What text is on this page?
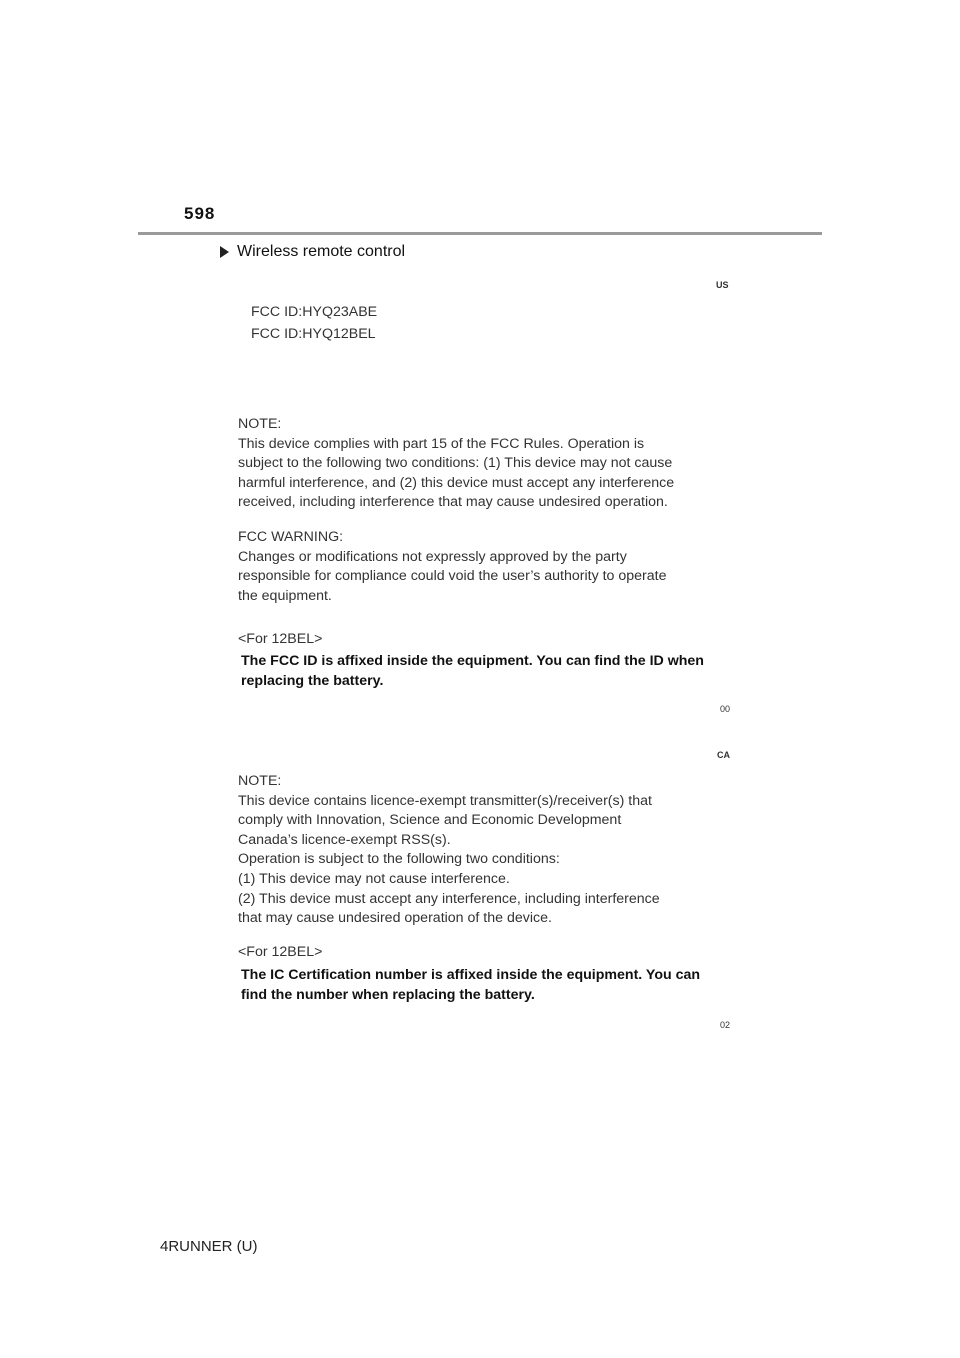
598
Wireless remote control
US
FCC ID:HYQ23ABE
FCC ID:HYQ12BEL
NOTE:
This device complies with part 15 of the FCC Rules. Operation is
subject to the following two conditions: (1) This device may not cause
harmful interference, and (2) this device must accept any interference
received, including interference that may cause undesired operation.
FCC WARNING:
Changes or modifications not expressly approved by the party
responsible for compliance could void the user’s authority to operate
the equipment.
<For 12BEL>
The FCC ID is affixed inside the equipment. You can find the ID when
replacing the battery.
00
CA
NOTE:
This device contains licence-exempt transmitter(s)/receiver(s) that
comply with Innovation, Science and Economic Development
Canada’s licence-exempt RSS(s).
Operation is subject to the following two conditions:
(1) This device may not cause interference.
(2) This device must accept any interference, including interference
that may cause undesired operation of the device.
<For 12BEL>
The IC Certification number is affixed inside the equipment. You can
find the number when replacing the battery.
02
4RUNNER (U)
